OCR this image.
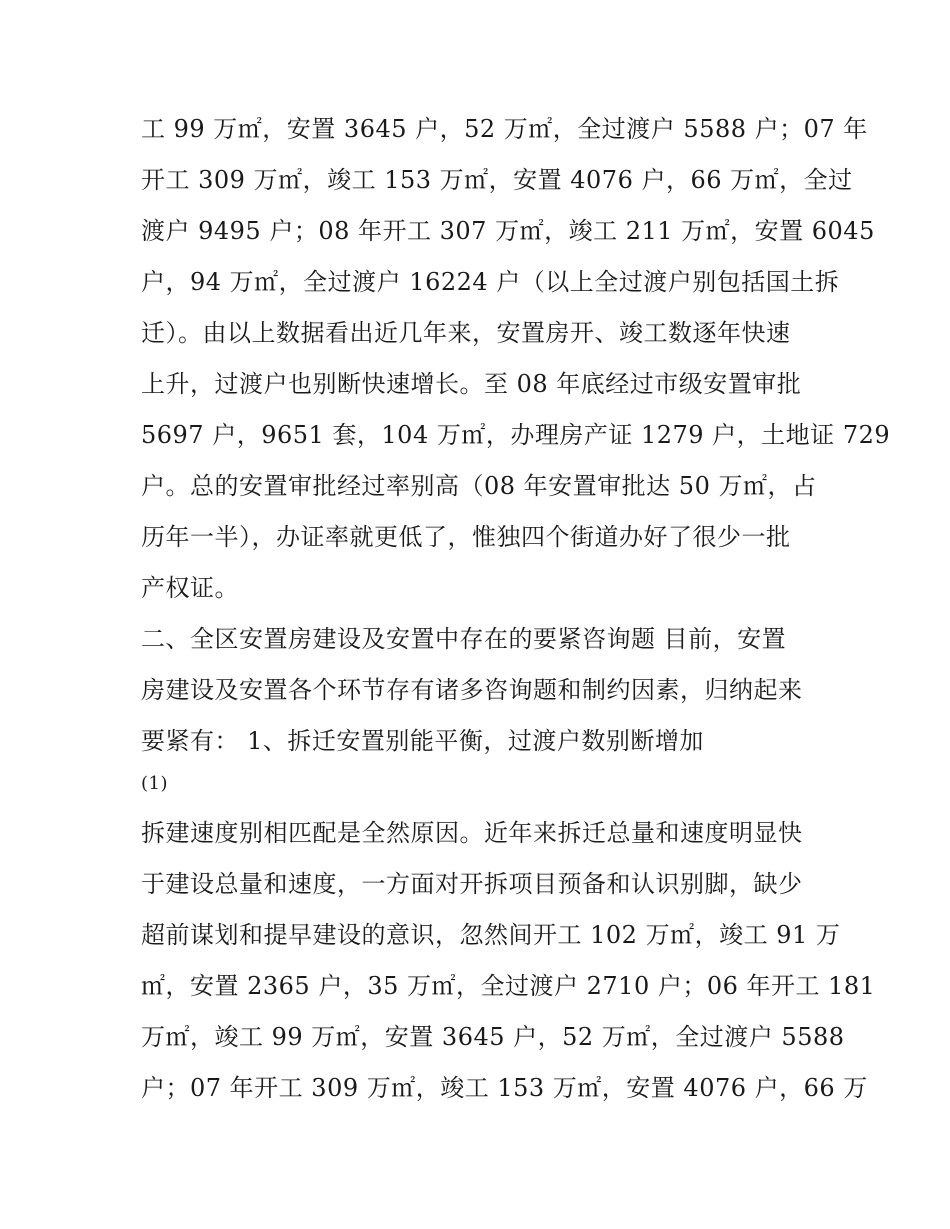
工 99 万㎡，安置 3645 户，52 万㎡，全过渡户 5588 户；07 年
开工 309 万㎡，竣工 153 万㎡，安置 4076 户，66 万㎡，全过
渡户 9495 户；08 年开工 307 万㎡，竣工 211 万㎡，安置 6045
户，94 万㎡，全过渡户 16224 户（以上全过渡户别包括国土拆
迁）。由以上数据看出近几年来，安置房开、竣工数逐年快速
上升，过渡户也别断快速增长。至 08 年底经过市级安置审批
5697 户，9651 套，104 万㎡，办理房产证 1279 户，土地证 729
户。总的安置审批经过率别高（08 年安置审批达 50 万㎡，占
历年一半），办证率就更低了，惟独四个街道办好了很少一批
产权证。
二、全区安置房建设及安置中存在的要紧咨询题 目前，安置
房建设及安置各个环节存有诸多咨询题和制约因素，归纳起来
要紧有： 1、拆迁安置别能平衡，过渡户数别断增加
(1)
拆建速度别相匹配是全然原因。近年来拆迁总量和速度明显快
于建设总量和速度，一方面对开拆项目预备和认识别脚，缺少
超前谋划和提早建设的意识，忽然间开工 102 万㎡，竣工 91 万
㎡，安置 2365 户，35 万㎡，全过渡户 2710 户；06 年开工 181
万㎡，竣工 99 万㎡，安置 3645 户，52 万㎡，全过渡户 5588
户；07 年开工 309 万㎡，竣工 153 万㎡，安置 4076 户，66 万
